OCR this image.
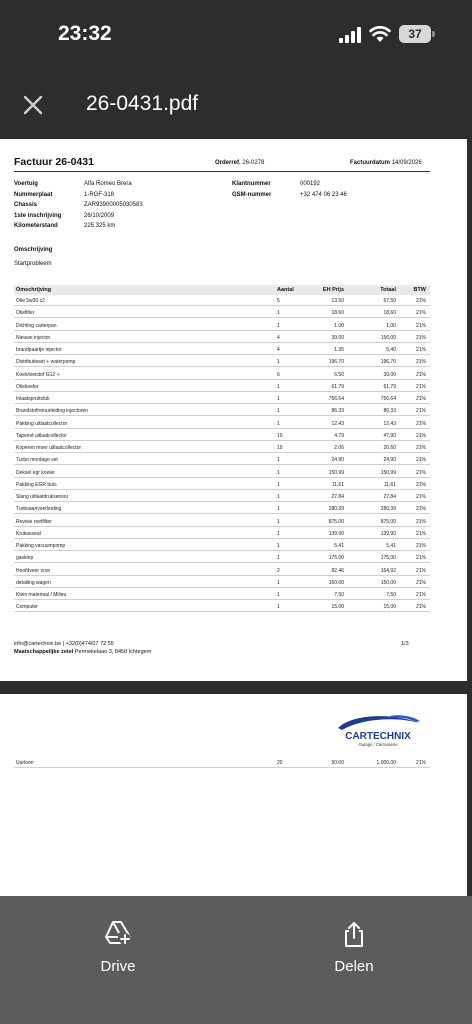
23:32	37
26-0431.pdf
Factuur 26-0431	Orderref. 26-0278	Factuurdatum 14/09/2026
Voertuig	Alfa Romeo Brera
Nummerplaat	1-RGF-318
Chassis	ZAR93900005030583
1ste inschrijving	26/10/2009
Kilometerstand	225.325 km
Klantnummer	000192
GSM-nummer	+32 474 06 23 46
Omschrijving
Startprobleem
Omschrijving	Aantal	EH Prijs	Totaal	BTW
Olie 5w30 c2	5	13.50	67,50	21%
Oliefilter	1	18.60	18,60	21%
Dichting carterpan	1	1.00	1,00	21%
Nieuwe injector	4	39.00	156,00	21%
brandpaartje injector	4	1.35	5,40	21%
Distributieset + waterpomp	1	196.70	196,70	21%
Koelvloeistof G12 +	6	6.50	39,00	21%
Oliekoeler	1	61.79	61,79	21%
Inlaatspruitstuk	1	756.64	756,64	21%
Brandstofretourleiding injectoren	1	86.33	86,33	21%
Pakking uitlaatcollector	1	12.43	12,43	21%
Tapeind uitlaatcollector	10	4.79	47,90	21%
Koperen moer uitlaatcollector	10	2.06	20,60	21%
Turbo montage set	1	24.90	24,90	21%
Deksel egr koeler	1	150.99	150,99	21%
Pakking EGR buis	1	11.61	11,61	21%
Slang uitlaatdruksensor	1	27.84	27,84	21%
Turboaanvoerleiding	1	280.39	280,39	21%
Revisie roetfilter	1	875.00	875,00	21%
Krukasseal	1	139.90	139,90	21%
Pakking vacuumpomp	1	5.41	5,41	21%
gasklep	1	175.00	175,00	21%
Hoofdveer voor	2	82.46	164,92	21%
detailing wagen	1	150.00	150,00	21%
Klein materiaal / Milieu	1	7.50	7,50	21%
Computer	1	15.00	15,00	21%
info@cartechnix.be | +32(0)474/07 72 55
Maatschappelijke zetel Permekelaan 3, 8450 Ichtegem
1/3
CARTECHNIX
Garage / Carrosserie
Uurloon	20	50.00	1.000,00	21%
Drive	Delen
